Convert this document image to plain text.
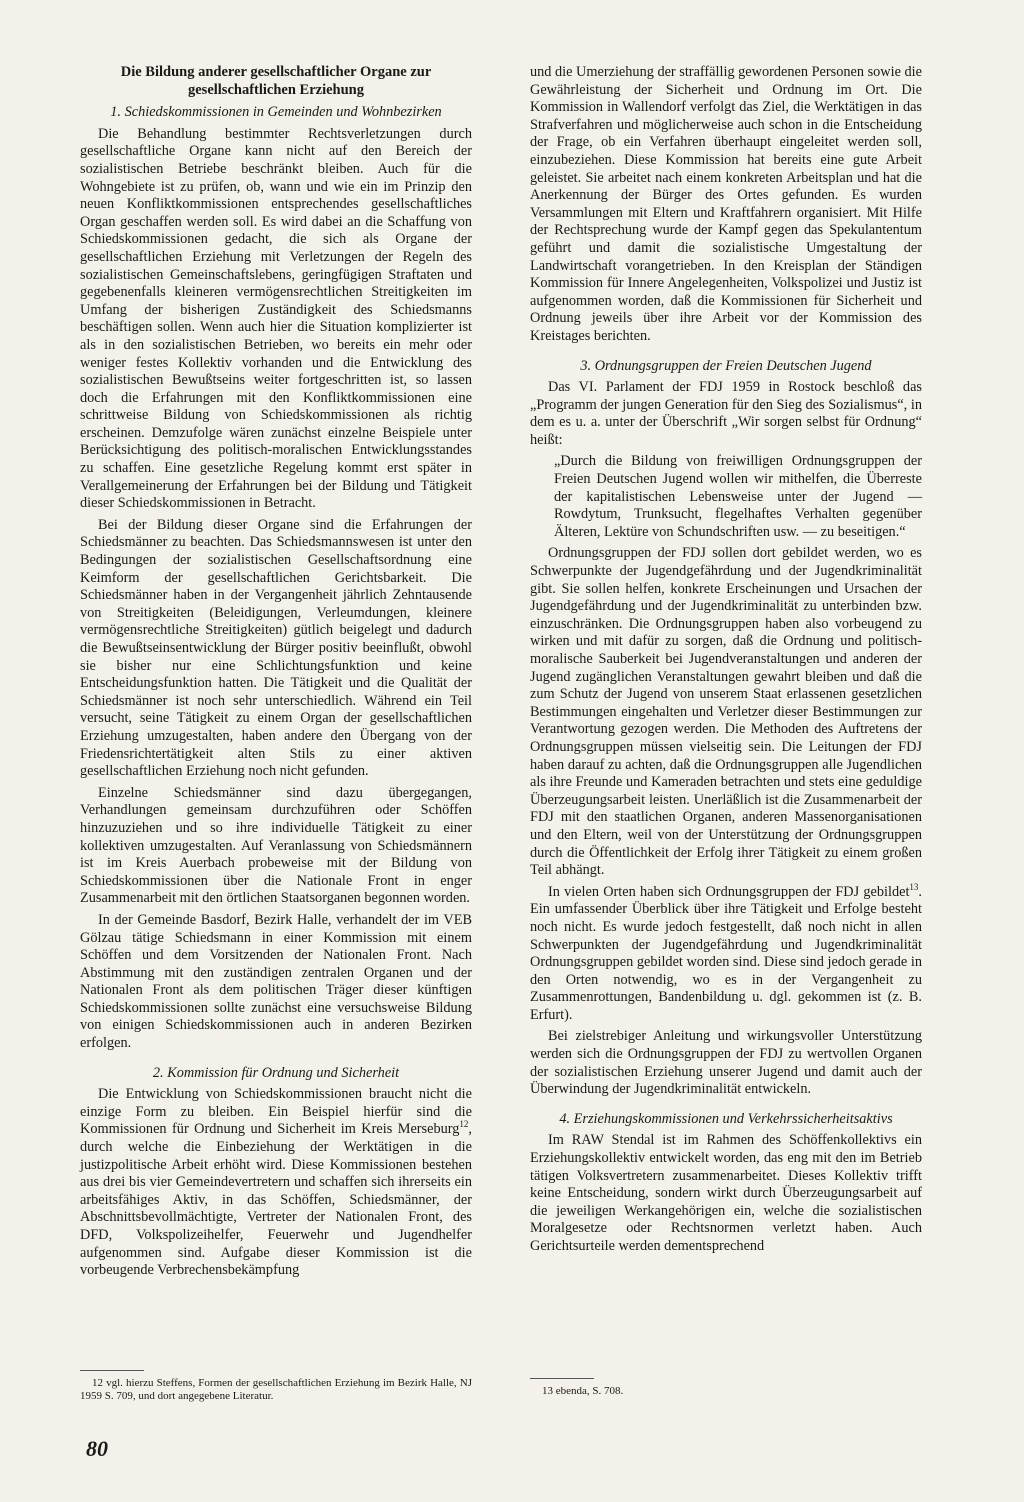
Die Bildung anderer gesellschaftlicher Organe zur gesellschaftlichen Erziehung
1. Schiedskommissionen in Gemeinden und Wohnbezirken

Die Behandlung bestimmter Rechtsverletzungen durch gesellschaftliche Organe kann nicht auf den Bereich der sozialistischen Betriebe beschränkt bleiben. Auch für die Wohngebiete ist zu prüfen, ob, wann und wie ein im Prinzip den neuen Konfliktkommissionen entsprechendes gesellschaftliches Organ geschaffen werden soll. Es wird dabei an die Schaffung von Schiedskommissionen gedacht, die sich als Organe der gesellschaftlichen Erziehung mit Verletzungen der Regeln des sozialistischen Gemeinschaftslebens, geringfügigen Straftaten und gegebenenfalls kleineren vermögensrechtlichen Streitigkeiten im Umfang der bisherigen Zuständigkeit des Schiedsmanns beschäftigen sollen. Wenn auch hier die Situation komplizierter ist als in den sozialistischen Betrieben, wo bereits ein mehr oder weniger festes Kollektiv vorhanden und die Entwicklung des sozialistischen Bewußtseins weiter fortgeschritten ist, so lassen doch die Erfahrungen mit den Konfliktkommissionen eine schrittweise Bildung von Schiedskommissionen als richtig erscheinen. Demzufolge wären zunächst einzelne Beispiele unter Berücksichtigung des politisch-moralischen Entwicklungsstandes zu schaffen. Eine gesetzliche Regelung kommt erst später in Verallgemeinerung der Erfahrungen bei der Bildung und Tätigkeit dieser Schiedskommissionen in Betracht.

Bei der Bildung dieser Organe sind die Erfahrungen der Schiedsmänner zu beachten. Das Schiedsmannswesen ist unter den Bedingungen der sozialistischen Gesellschaftsordnung eine Keimform der gesellschaftlichen Gerichtsbarkeit. Die Schiedsmänner haben in der Vergangenheit jährlich Zehntausende von Streitigkeiten (Beleidigungen, Verleumdungen, kleinere vermögensrechtliche Streitigkeiten) gütlich beigelegt und dadurch die Bewußtseinsentwicklung der Bürger positiv beeinflußt, obwohl sie bisher nur eine Schlichtungsfunktion und keine Entscheidungsfunktion hatten. Die Tätigkeit und die Qualität der Schiedsmänner ist noch sehr unterschiedlich. Während ein Teil versucht, seine Tätigkeit zu einem Organ der gesellschaftlichen Erziehung umzugestalten, haben andere den Übergang von der Friedensrichtertätigkeit alten Stils zu einer aktiven gesellschaftlichen Erziehung noch nicht gefunden.

Einzelne Schiedsmänner sind dazu übergegangen, Verhandlungen gemeinsam durchzuführen oder Schöffen hinzuzuziehen und so ihre individuelle Tätigkeit zu einer kollektiven umzugestalten. Auf Veranlassung von Schiedsmännern ist im Kreis Auerbach probeweise mit der Bildung von Schiedskommissionen über die Nationale Front in enger Zusammenarbeit mit den örtlichen Staatsorganen begonnen worden.

In der Gemeinde Basdorf, Bezirk Halle, verhandelt der im VEB Gölzau tätige Schiedsmann in einer Kommission mit einem Schöffen und dem Vorsitzenden der Nationalen Front. Nach Abstimmung mit den zuständigen zentralen Organen und der Nationalen Front als dem politischen Träger dieser künftigen Schiedskommissionen sollte zunächst eine versuchsweise Bildung von einigen Schiedskommissionen auch in anderen Bezirken erfolgen.

2. Kommission für Ordnung und Sicherheit

Die Entwicklung von Schiedskommissionen braucht nicht die einzige Form zu bleiben. Ein Beispiel hierfür sind die Kommissionen für Ordnung und Sicherheit im Kreis Merseburg$^{12}$, durch welche die Einbeziehung der Werktätigen in die justizpolitische Arbeit erhöht wird. Diese Kommissionen bestehen aus drei bis vier Gemeindevertretern und schaffen sich ihrerseits ein arbeitsfähiges Aktiv, in das Schöffen, Schiedsmänner, der Abschnittsbevollmächtigte, Vertreter der Nationalen Front, des DFD, Volkspolizeihelfer, Feuerwehr und Jugendhelfer aufgenommen sind. Aufgabe dieser Kommission ist die vorbeugende Verbrechensbekämpfung

12 vgl. hierzu Steffens, Formen der gesellschaftlichen Erziehung im Bezirk Halle, NJ 1959 S. 709, und dort angegebene Literatur.

und die Umerziehung der straffällig gewordenen Personen sowie die Gewährleistung der Sicherheit und Ordnung im Ort. Die Kommission in Wallendorf verfolgt das Ziel, die Werktätigen in das Strafverfahren und möglicherweise auch schon in die Entscheidung der Frage, ob ein Verfahren überhaupt eingeleitet werden soll, einzubeziehen. Diese Kommission hat bereits eine gute Arbeit geleistet. Sie arbeitet nach einem konkreten Arbeitsplan und hat die Anerkennung der Bürger des Ortes gefunden. Es wurden Versammlungen mit Eltern und Kraftfahrern organisiert. Mit Hilfe der Rechtsprechung wurde der Kampf gegen das Spekulantentum geführt und damit die sozialistische Umgestaltung der Landwirtschaft vorangetrieben. In den Kreisplan der Ständigen Kommission für Innere Angelegenheiten, Volkspolizei und Justiz ist aufgenommen worden, daß die Kommissionen für Sicherheit und Ordnung jeweils über ihre Arbeit vor der Kommission des Kreistages berichten.

3. Ordnungsgruppen der Freien Deutschen Jugend

Das VI. Parlament der FDJ 1959 in Rostock beschloß das „Programm der jungen Generation für den Sieg des Sozialismus“, in dem es u. a. unter der Überschrift „Wir sorgen selbst für Ordnung“ heißt:

„Durch die Bildung von freiwilligen Ordnungsgruppen der Freien Deutschen Jugend wollen wir mithelfen, die Überreste der kapitalistischen Lebensweise unter der Jugend — Rowdytum, Trunksucht, flegelhaftes Verhalten gegenüber Älteren, Lektüre von Schundschriften usw. — zu beseitigen.“

Ordnungsgruppen der FDJ sollen dort gebildet werden, wo es Schwerpunkte der Jugendgefährdung und der Jugendkriminalität gibt. Sie sollen helfen, konkrete Erscheinungen und Ursachen der Jugendgefährdung und der Jugendkriminalität zu unterbinden bzw. einzuschränken. Die Ordnungsgruppen haben also vorbeugend zu wirken und mit dafür zu sorgen, daß die Ordnung und politisch-moralische Sauberkeit bei Jugendveranstaltungen und anderen der Jugend zugänglichen Veranstaltungen gewahrt bleiben und daß die zum Schutz der Jugend von unserem Staat erlassenen gesetzlichen Bestimmungen eingehalten und Verletzer dieser Bestimmungen zur Verantwortung gezogen werden. Die Methoden des Auftretens der Ordnungsgruppen müssen vielseitig sein. Die Leitungen der FDJ haben darauf zu achten, daß die Ordnungsgruppen alle Jugendlichen als ihre Freunde und Kameraden betrachten und stets eine geduldige Überzeugungsarbeit leisten. Unerläßlich ist die Zusammenarbeit der FDJ mit den staatlichen Organen, anderen Massenorganisationen und den Eltern, weil von der Unterstützung der Ordnungsgruppen durch die Öffentlichkeit der Erfolg ihrer Tätigkeit zu einem großen Teil abhängt.

In vielen Orten haben sich Ordnungsgruppen der FDJ gebildet$^{13}$. Ein umfassender Überblick über ihre Tätigkeit und Erfolge besteht noch nicht. Es wurde jedoch festgestellt, daß noch nicht in allen Schwerpunkten der Jugendgefährdung und Jugendkriminalität Ordnungsgruppen gebildet worden sind. Diese sind jedoch gerade in den Orten notwendig, wo es in der Vergangenheit zu Zusammenrottungen, Bandenbildung u. dgl. gekommen ist (z. B. Erfurt).

Bei zielstrebiger Anleitung und wirkungsvoller Unterstützung werden sich die Ordnungsgruppen der FDJ zu wertvollen Organen der sozialistischen Erziehung unserer Jugend und damit auch der Überwindung der Jugendkriminalität entwickeln.

4. Erziehungskommissionen und Verkehrssicherheitsaktivs

Im RAW Stendal ist im Rahmen des Schöffenkollektivs ein Erziehungskollektiv entwickelt worden, das eng mit den im Betrieb tätigen Volksvertretern zusammenarbeitet. Dieses Kollektiv trifft keine Entscheidung, sondern wirkt durch Überzeugungsarbeit auf die jeweiligen Werkangehörigen ein, welche die sozialistischen Moralgesetze oder Rechtsnormen verletzt haben. Auch Gerichtsurteile werden dementsprechend

13 ebenda, S. 708.

80
